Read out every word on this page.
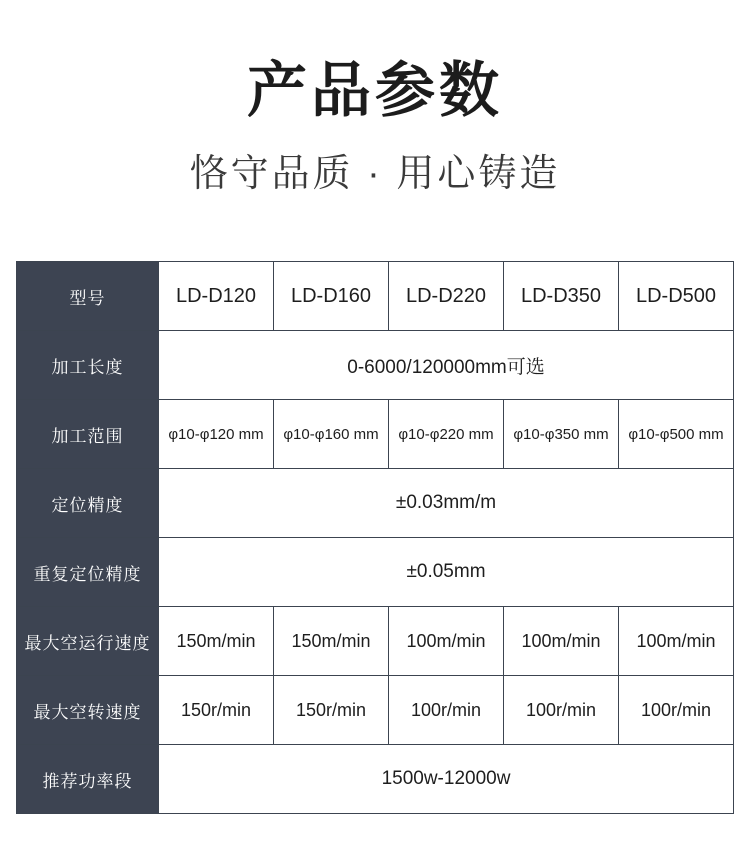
产品参数
恪守品质 · 用心铸造
型号	LD-D120	LD-D160	LD-D220	LD-D350	LD-D500
加工长度	0-6000/120000mm可选				
加工范围	φ10-φ120 mm	φ10-φ160 mm	φ10-φ220 mm	φ10-φ350 mm	φ10-φ500 mm
定位精度	±0.03mm/m				
重复定位精度	±0.05mm				
最大空运行速度	150m/min	150m/min	100m/min	100m/min	100m/min
最大空转速度	150r/min	150r/min	100r/min	100r/min	100r/min
推荐功率段	1500w-12000w				
